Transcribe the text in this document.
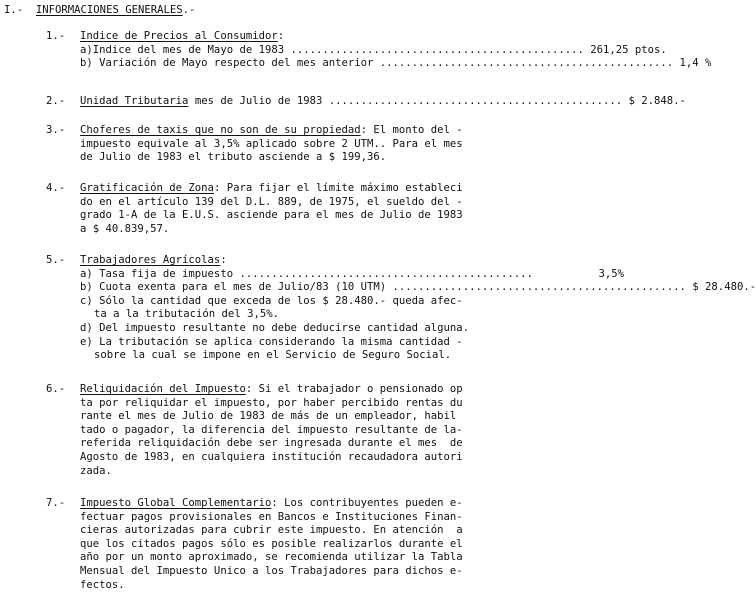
I.- INFORMACIONES GENERALES.-
1.- Indice de Precios al Consumidor:
a)Indice del mes de Mayo de 1983 .............................................. 261,25 ptos.
b) Variación de Mayo respecto del mes anterior .............................................. 1,4 %
2.- Unidad Tributaria mes de Julio de 1983 .............................................. $ 2.848.-
3.- Choferes de taxis que no son de su propiedad: El monto del -
impuesto equivale al 3,5% aplicado sobre 2 UTM.. Para el mes
de Julio de 1983 el tributo asciende a $ 199,36.
4.- Gratificación de Zona: Para fijar el límite máximo estableci
do en el artículo 139 del D.L. 889, de 1975, el sueldo del -
grado 1-A de la E.U.S. asciende para el mes de Julio de 1983
a $ 40.839,57.
5.- Trabajadores Agrícolas:
a) Tasa fija de impuesto ..............................................	3,5%
b) Cuota exenta para el mes de Julio/83 (10 UTM) .............................................. $ 28.480.-
c) Sólo la cantidad que exceda de los $ 28.480.- queda afec-
ta a la tributación del 3,5%.
d) Del impuesto resultante no debe deducirse cantidad alguna.
e) La tributación se aplica considerando la misma cantidad -
sobre la cual se impone en el Servicio de Seguro Social.
6.- Reliquidación del Impuesto: Si el trabajador o pensionado op
ta por reliquidar el impuesto, por haber percibido rentas du
rante el mes de Julio de 1983 de más de un empleador, habil
tado o pagador, la diferencia del impuesto resultante de la-
referida reliquidación debe ser ingresada durante el mes  de
Agosto de 1983, en cualquiera institución recaudadora autori
zada.
7.- Impuesto Global Complementario: Los contribuyentes pueden e-
fectuar pagos provisionales en Bancos e Instituciones Finan-
cieras autorizadas para cubrir este impuesto. En atención  a
que los citados pagos sólo es posible realizarlos durante el
año por un monto aproximado, se recomienda utilizar la Tabla
Mensual del Impuesto Unico a los Trabajadores para dichos e-
fectos.
